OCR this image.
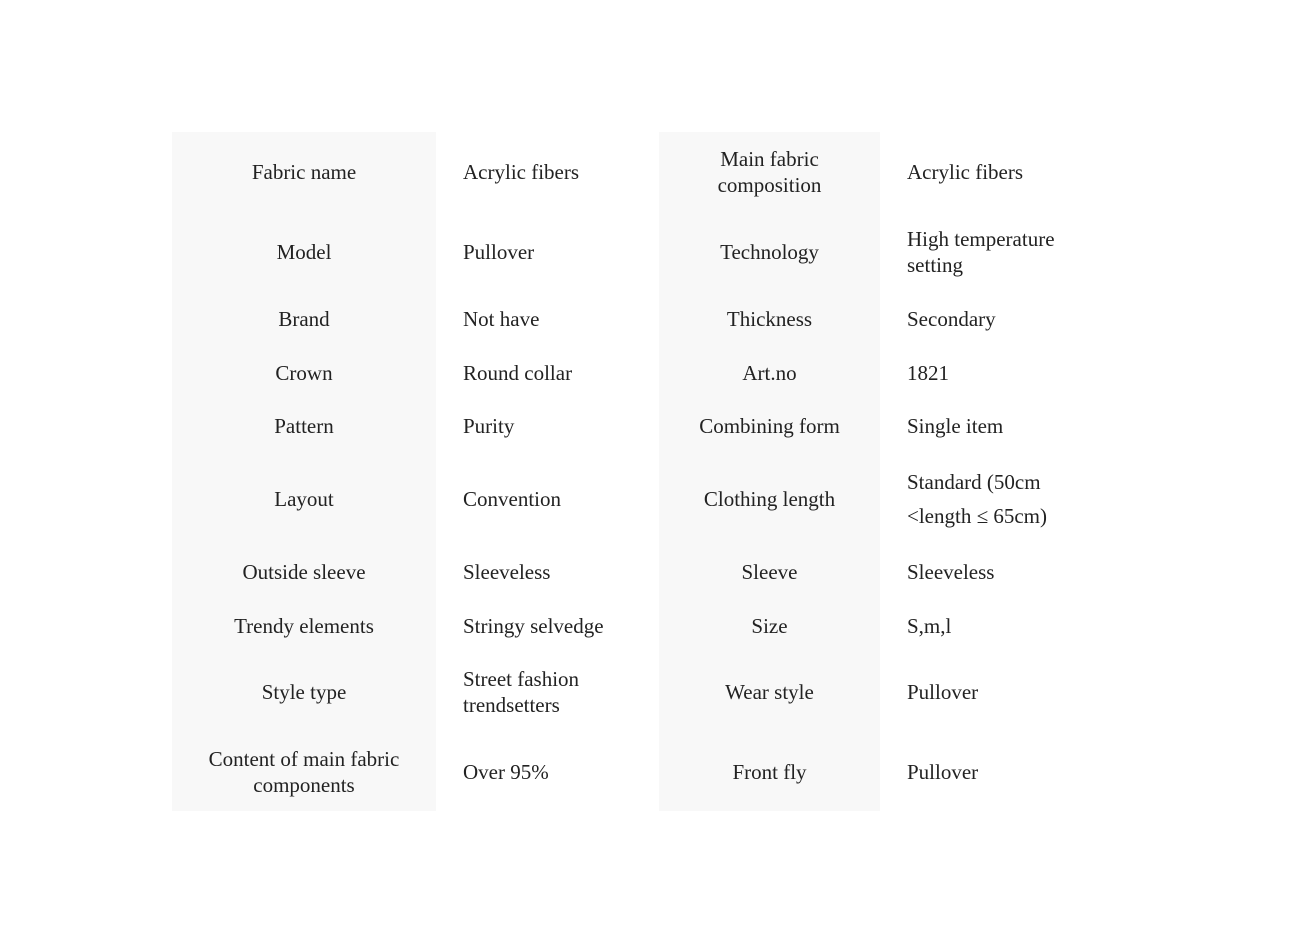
Fabric name	Acrylic fibers	Main fabric composition	Acrylic fibers
Model	Pullover	Technology	High temperature setting
Brand	Not have	Thickness	Secondary
Crown	Round collar	Art.no	1821
Pattern	Purity	Combining form	Single item
Layout	Convention	Clothing length	Standard (50cm <length ≤ 65cm)
Outside sleeve	Sleeveless	Sleeve	Sleeveless
Trendy elements	Stringy selvedge	Size	S,m,l
Style type	Street fashion trendsetters	Wear style	Pullover
Content of main fabric components	Over 95%	Front fly	Pullover
